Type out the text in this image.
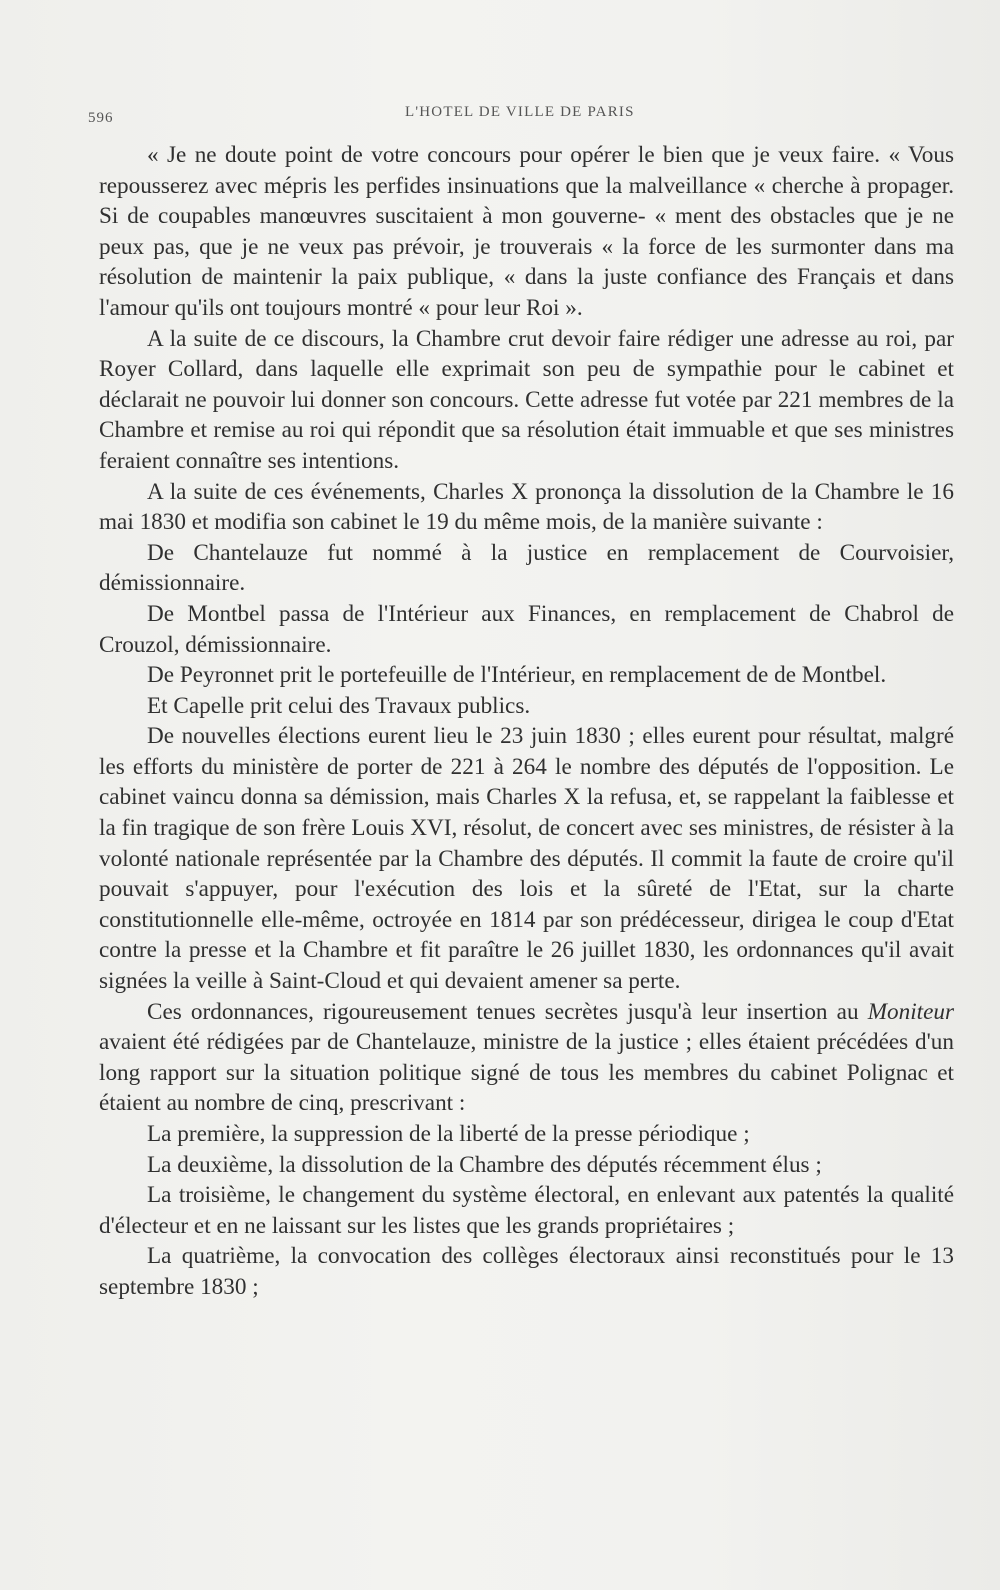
596	L'HOTEL DE VILLE DE PARIS

« Je ne doute point de votre concours pour opérer le bien que je veux faire. « Vous repousserez avec mépris les perfides insinuations que la malveillance « cherche à propager. Si de coupables manœuvres suscitaient à mon gouverne- « ment des obstacles que je ne peux pas, que je ne veux pas prévoir, je trouverais « la force de les surmonter dans ma résolution de maintenir la paix publique, « dans la juste confiance des Français et dans l'amour qu'ils ont toujours montré « pour leur Roi ».

A la suite de ce discours, la Chambre crut devoir faire rédiger une adresse au roi, par Royer Collard, dans laquelle elle exprimait son peu de sympathie pour le cabinet et déclarait ne pouvoir lui donner son concours. Cette adresse fut votée par 221 membres de la Chambre et remise au roi qui répondit que sa résolution était immuable et que ses ministres feraient connaître ses intentions.

A la suite de ces événements, Charles X prononça la dissolution de la Chambre le 16 mai 1830 et modifia son cabinet le 19 du même mois, de la manière suivante :

De Chantelauze fut nommé à la justice en remplacement de Courvoisier, démissionnaire.

De Montbel passa de l'Intérieur aux Finances, en remplacement de Chabrol de Crouzol, démissionnaire.

De Peyronnet prit le portefeuille de l'Intérieur, en remplacement de de Montbel.

Et Capelle prit celui des Travaux publics.

De nouvelles élections eurent lieu le 23 juin 1830 ; elles eurent pour résultat, malgré les efforts du ministère de porter de 221 à 264 le nombre des députés de l'opposition. Le cabinet vaincu donna sa démission, mais Charles X la refusa, et, se rappelant la faiblesse et la fin tragique de son frère Louis XVI, résolut, de concert avec ses ministres, de résister à la volonté nationale représentée par la Chambre des députés. Il commit la faute de croire qu'il pouvait s'appuyer, pour l'exécution des lois et la sûreté de l'Etat, sur la charte constitutionnelle elle-même, octroyée en 1814 par son prédécesseur, dirigea le coup d'Etat contre la presse et la Chambre et fit paraître le 26 juillet 1830, les ordonnances qu'il avait signées la veille à Saint-Cloud et qui devaient amener sa perte.

Ces ordonnances, rigoureusement tenues secrètes jusqu'à leur insertion au Moniteur avaient été rédigées par de Chantelauze, ministre de la justice ; elles étaient précédées d'un long rapport sur la situation politique signé de tous les membres du cabinet Polignac et étaient au nombre de cinq, prescrivant :

La première, la suppression de la liberté de la presse périodique ;

La deuxième, la dissolution de la Chambre des députés récemment élus ;

La troisième, le changement du système électoral, en enlevant aux patentés la qualité d'électeur et en ne laissant sur les listes que les grands propriétaires ;

La quatrième, la convocation des collèges électoraux ainsi reconstitués pour le 13 septembre 1830 ;
